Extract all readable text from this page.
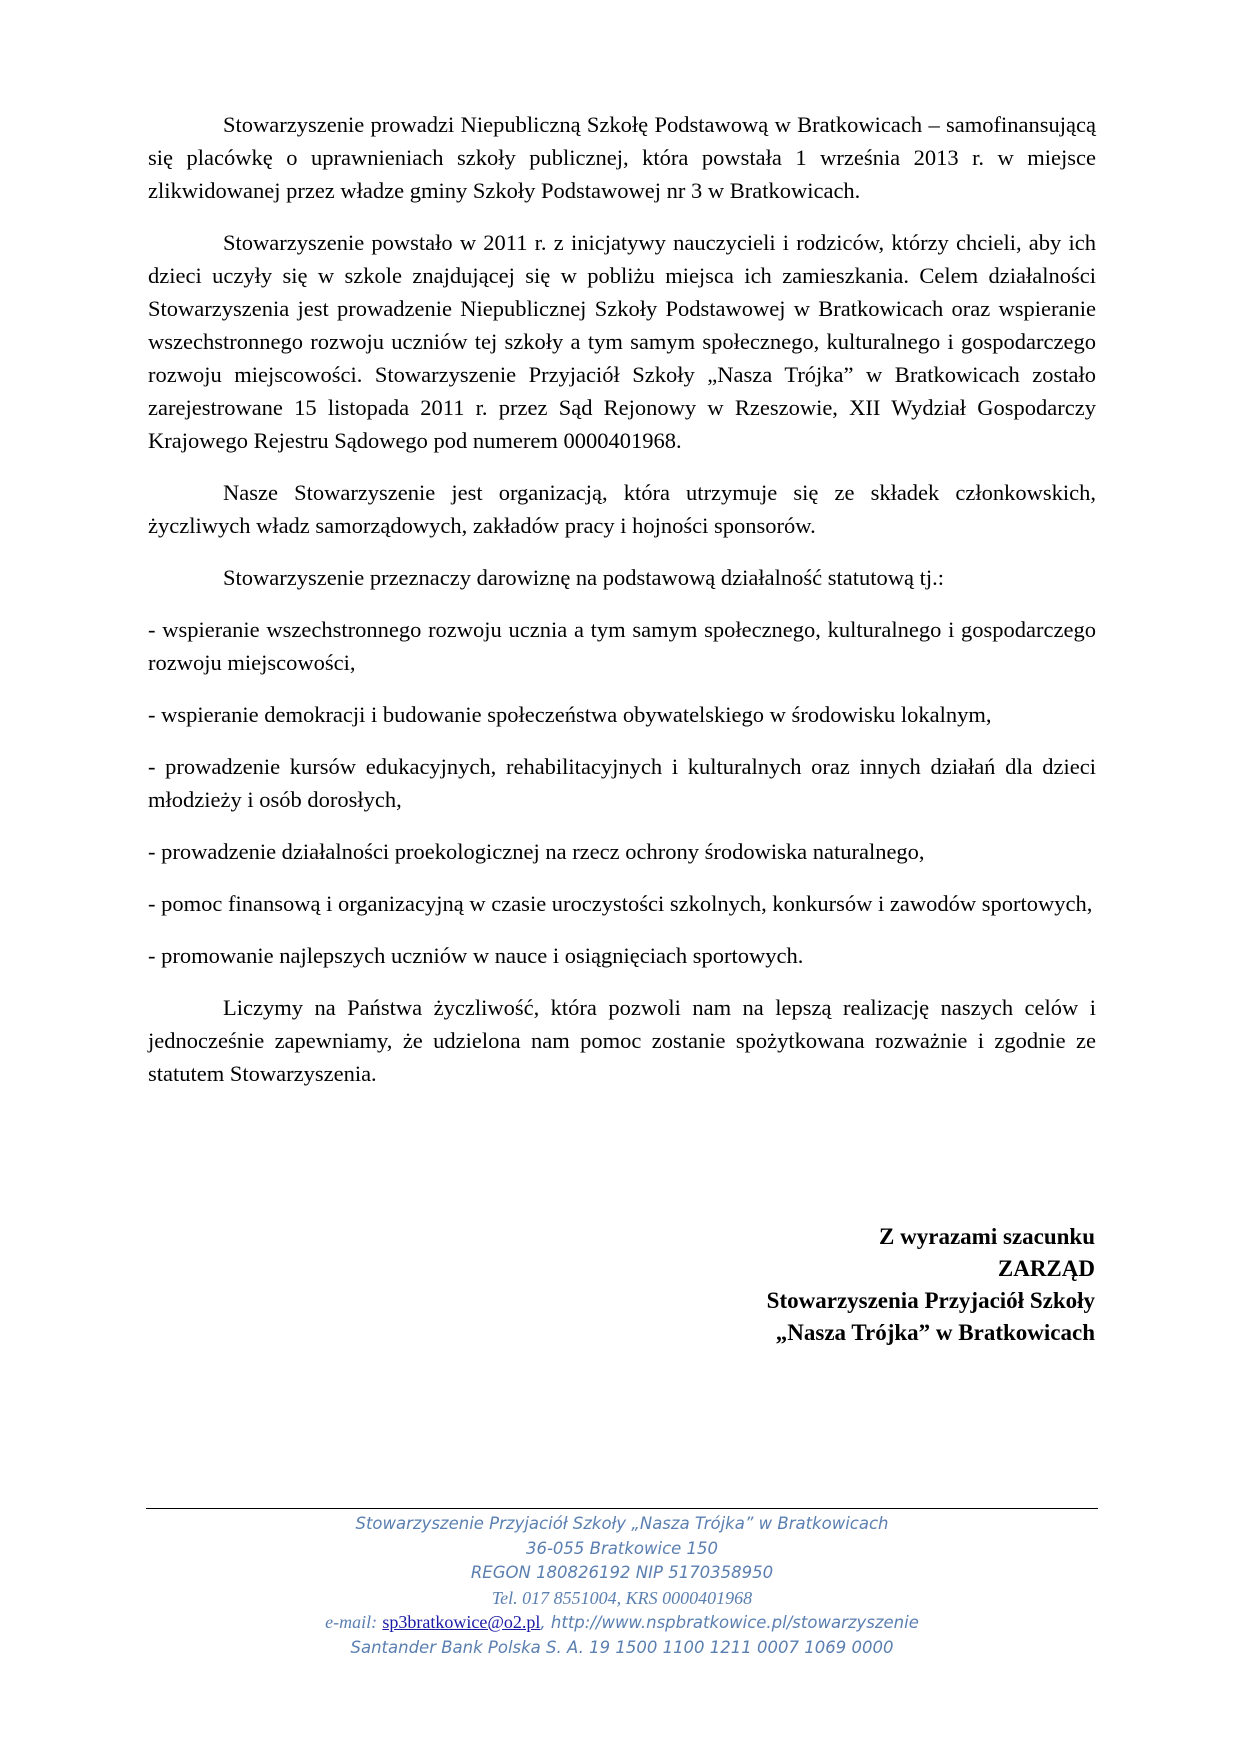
Stowarzyszenie prowadzi Niepubliczną Szkołę Podstawową w Bratkowicach – samofinansującą się placówkę o uprawnieniach szkoły publicznej, która powstała 1 września 2013 r. w miejsce zlikwidowanej przez władze gminy Szkoły Podstawowej nr 3 w Bratkowicach.

Stowarzyszenie powstało w 2011 r. z inicjatywy nauczycieli i rodziców, którzy chcieli, aby ich dzieci uczyły się w szkole znajdującej się w pobliżu miejsca ich zamieszkania. Celem działalności Stowarzyszenia jest prowadzenie Niepublicznej Szkoły Podstawowej w Bratkowicach oraz wspieranie wszechstronnego rozwoju uczniów tej szkoły a tym samym społecznego, kulturalnego i gospodarczego rozwoju miejscowości. Stowarzyszenie Przyjaciół Szkoły „Nasza Trójka” w Bratkowicach zostało zarejestrowane 15 listopada 2011 r. przez Sąd Rejonowy w Rzeszowie, XII Wydział Gospodarczy Krajowego Rejestru Sądowego pod numerem 0000401968.

Nasze Stowarzyszenie jest organizacją, która utrzymuje się ze składek członkowskich, życzliwych władz samorządowych, zakładów pracy i hojności sponsorów.

Stowarzyszenie przeznaczy darowiznę na podstawową działalność statutową tj.:

- wspieranie wszechstronnego rozwoju ucznia a tym samym społecznego, kulturalnego i gospodarczego rozwoju miejscowości,

- wspieranie demokracji i budowanie społeczeństwa obywatelskiego w środowisku lokalnym,

- prowadzenie kursów edukacyjnych, rehabilitacyjnych i kulturalnych oraz innych działań dla dzieci młodzieży i osób dorosłych,

- prowadzenie działalności proekologicznej na rzecz ochrony środowiska naturalnego,

- pomoc finansową i organizacyjną w czasie uroczystości szkolnych, konkursów i zawodów sportowych,

- promowanie najlepszych uczniów w nauce i osiągnięciach sportowych.

Liczymy na Państwa życzliwość, która pozwoli nam na lepszą realizację naszych celów i jednocześnie zapewniamy, że udzielona nam pomoc zostanie spożytkowana rozważnie i zgodnie ze statutem Stowarzyszenia.

Z wyrazami szacunku
ZARZĄD
Stowarzyszenia Przyjaciół Szkoły
„Nasza Trójka” w Bratkowicach
Stowarzyszenie Przyjaciół Szkoły „Nasza Trójka” w Bratkowicach
36-055 Bratkowice 150
REGON 180826192 NIP 5170358950
Tel. 017 8551004, KRS 0000401968
e-mail: sp3bratkowice@o2.pl, http://www.nspbratkowice.pl/stowarzyszenie
Santander Bank Polska S. A. 19 1500 1100 1211 0007 1069 0000
